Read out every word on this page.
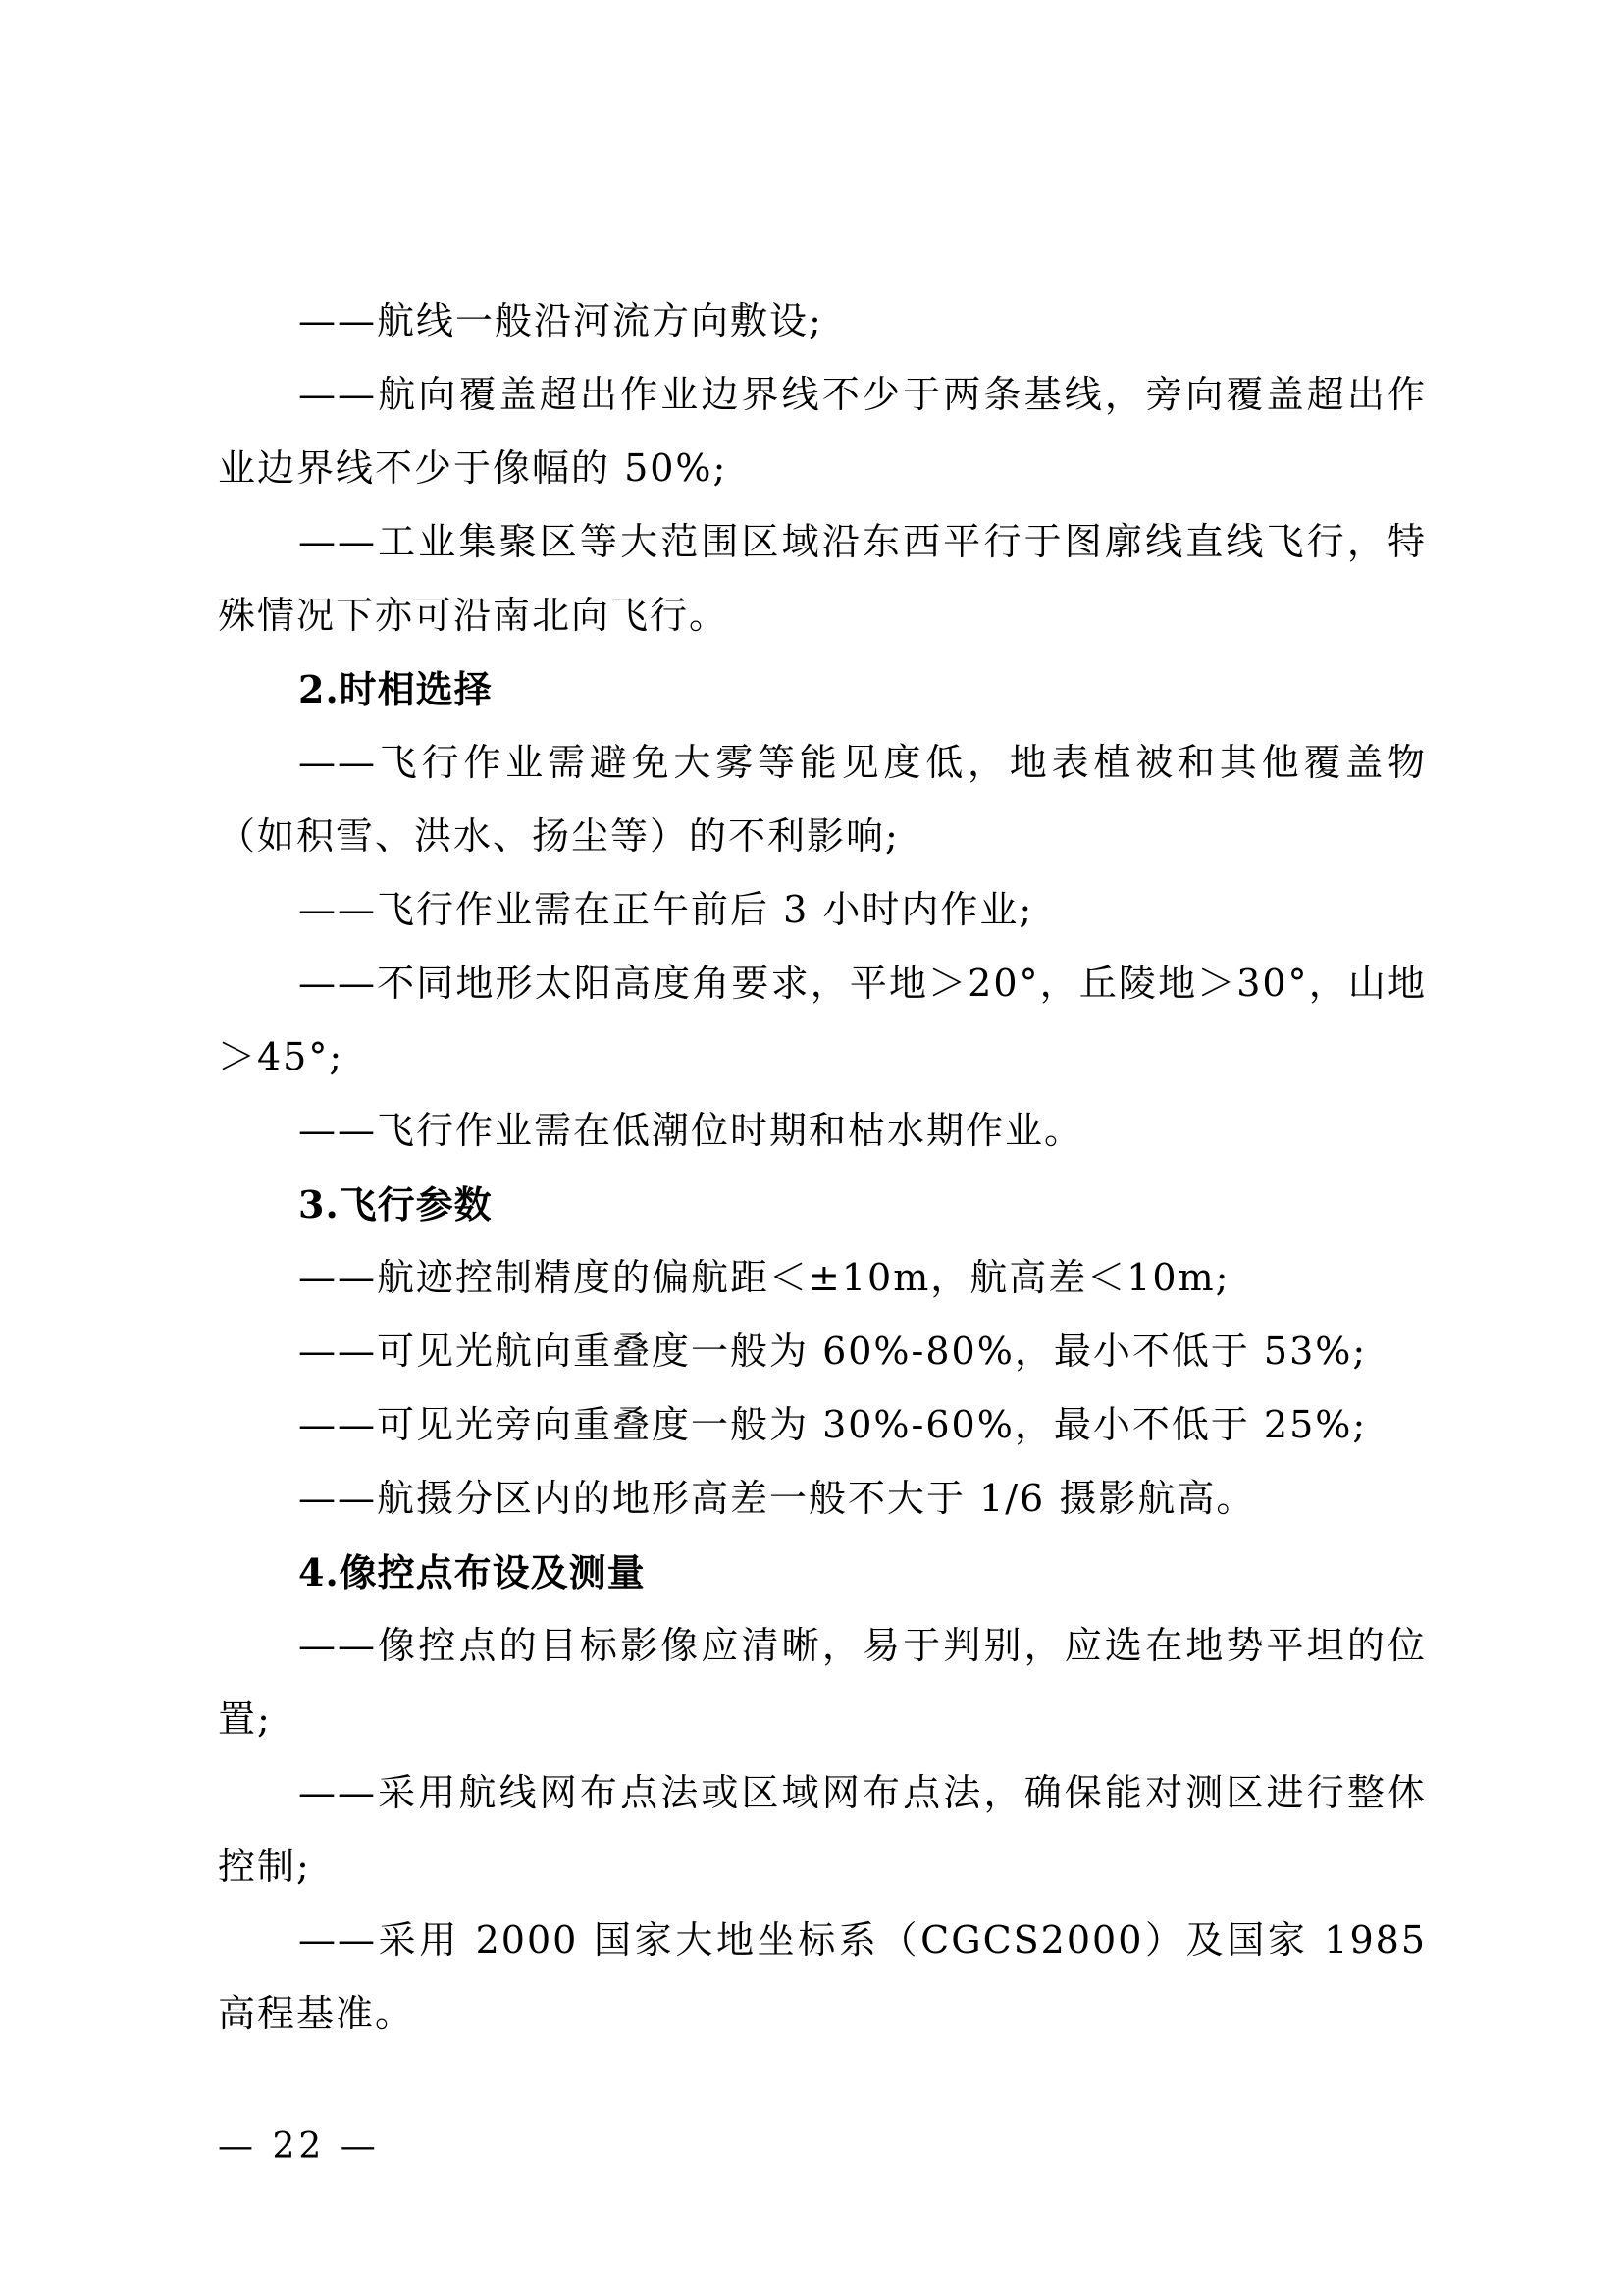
——航线一般沿河流方向敷设;

——航向覆盖超出作业边界线不少于两条基线，旁向覆盖超出作业边界线不少于像幅的 50%;

——工业集聚区等大范围区域沿东西平行于图廓线直线飞行，特殊情况下亦可沿南北向飞行。

2.时相选择

——飞行作业需避免大雾等能见度低，地表植被和其他覆盖物（如积雪、洪水、扬尘等）的不利影响;

——飞行作业需在正午前后 3 小时内作业;

——不同地形太阳高度角要求，平地＞20°，丘陵地＞30°，山地＞45°;

——飞行作业需在低潮位时期和枯水期作业。

3.飞行参数

——航迹控制精度的偏航距＜±10m，航高差＜10m;

——可见光航向重叠度一般为 60%-80%，最小不低于 53%;

——可见光旁向重叠度一般为 30%-60%，最小不低于 25%;

——航摄分区内的地形高差一般不大于 1/6 摄影航高。

4.像控点布设及测量

——像控点的目标影像应清晰，易于判别，应选在地势平坦的位置;

——采用航线网布点法或区域网布点法，确保能对测区进行整体控制;

——采用 2000 国家大地坐标系（CGCS2000）及国家 1985 高程基准。

— 22 —
